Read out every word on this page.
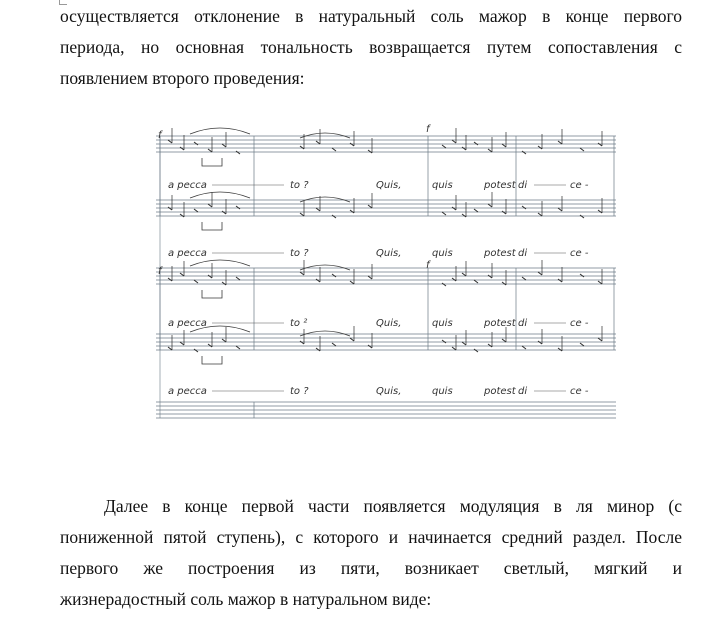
осуществляется отклонение в натуральный соль мажор в конце первого
периода, но основная тональность возвращается путем сопоставления с
появлением второго проведения:

f
f
f
f
a pecca	to ?	Quis,	quis	potest di	ce -
a pecca	to ?	Quis,	quis	potest di	ce -
a pecca	to ²	Quis,	quis	potest di	ce -
a pecca	to ?	Quis,	quis	potest di	ce -

Далее в конце первой части появляется модуляция в ля минор (с
пониженной пятой ступень), с которого и начинается средний раздел. После
первого же построения из пяти, возникает светлый, мягкий и
жизнерадостный соль мажор в натуральном виде:
